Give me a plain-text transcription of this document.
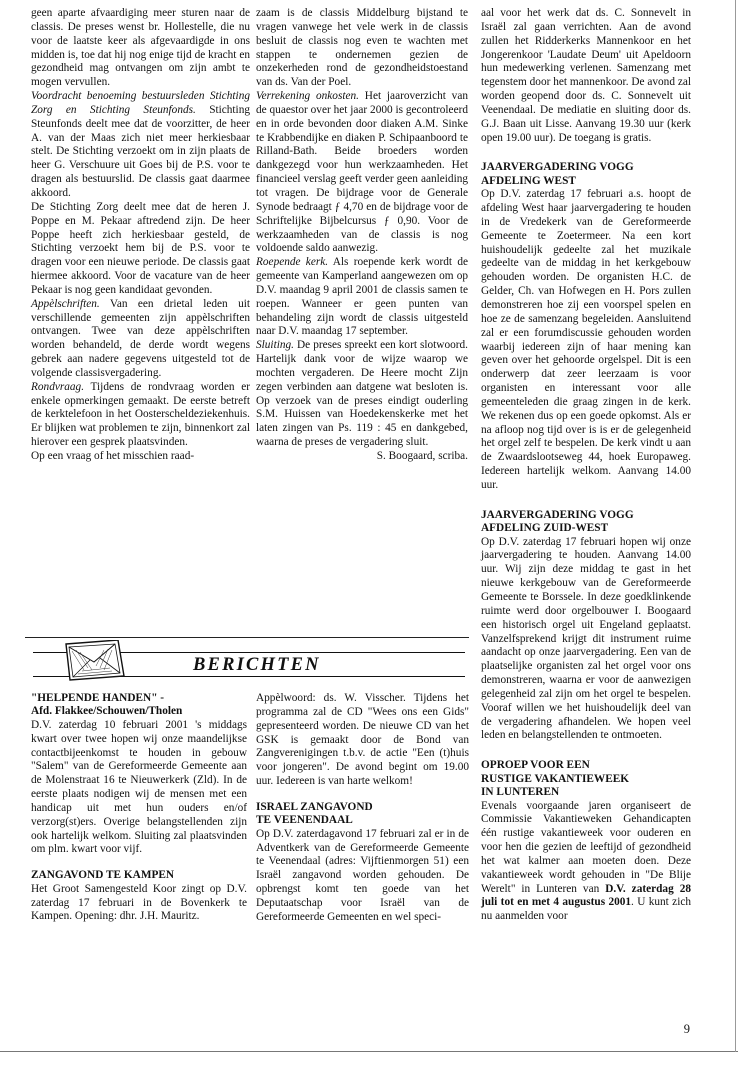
geen aparte afvaardiging meer sturen naar de classis. De preses wenst br. Hollestelle, die nu voor de laatste keer als afgevaardigde in ons midden is, toe dat hij nog enige tijd de kracht en gezondheid mag ontvangen om zijn ambt te mogen vervullen.

Voordracht benoeming bestuursleden Stichting Zorg en Stichting Steunfonds. Stichting Steunfonds deelt mee dat de voorzitter, de heer A. van der Maas zich niet meer herkiesbaar stelt. De Stichting verzoekt om in zijn plaats de heer G. Verschuure uit Goes bij de P.S. voor te dragen als bestuurslid. De classis gaat daarmee akkoord.

De Stichting Zorg deelt mee dat de heren J. Poppe en M. Pekaar aftredend zijn. De heer Poppe heeft zich herkiesbaar gesteld, de Stichting verzoekt hem bij de P.S. voor te dragen voor een nieuwe periode. De classis gaat hiermee akkoord. Voor de vacature van de heer Pekaar is nog geen kandidaat gevonden.

Appèlschriften. Van een drietal leden uit verschillende gemeenten zijn appèlschriften ontvangen. Twee van deze appèlschriften worden behandeld, de derde wordt wegens gebrek aan nadere gegevens uitgesteld tot de volgende classisvergadering.

Rondvraag. Tijdens de rondvraag worden er enkele opmerkingen gemaakt. De eerste betreft de kerktelefoon in het Oosterscheldeziekenhuis. Er blijken wat problemen te zijn, binnenkort zal hierover een gesprek plaatsvinden.

Op een vraag of het misschien raad-

zaam is de classis Middelburg bijstand te vragen vanwege het vele werk in de classis besluit de classis nog even te wachten met stappen te ondernemen gezien de onzekerheden rond de gezondheidstoestand van ds. Van der Poel.

Verrekening onkosten. Het jaaroverzicht van de quaestor over het jaar 2000 is gecontroleerd en in orde bevonden door diaken A.M. Sinke te Krabbendijke en diaken P. Schipaanboord te Rilland-Bath. Beide broeders worden dankgezegd voor hun werkzaamheden. Het financieel verslag geeft verder geen aanleiding tot vragen. De bijdrage voor de Generale Synode bedraagt ƒ 4,70 en de bijdrage voor de Schriftelijke Bijbelcursus ƒ 0,90. Voor de werkzaamheden van de classis is nog voldoende saldo aanwezig.

Roepende kerk. Als roepende kerk wordt de gemeente van Kamperland aangewezen om op D.V. maandag 9 april 2001 de classis samen te roepen. Wanneer er geen punten van behandeling zijn wordt de classis uitgesteld naar D.V. maandag 17 september.

Sluiting. De preses spreekt een kort slotwoord. Hartelijk dank voor de wijze waarop we mochten vergaderen. De Heere mocht Zijn zegen verbinden aan datgene wat besloten is. Op verzoek van de preses eindigt ouderling S.M. Huissen van Hoedekenskerke met het laten zingen van Ps. 119 : 45 en dankgebed, waarna de preses de vergadering sluit.

S. Boogaard, scriba.

aal voor het werk dat ds. C. Sonnevelt in Israël zal gaan verrichten. Aan de avond zullen het Ridderkerks Mannenkoor en het Jongerenkoor 'Laudate Deum' uit Apeldoorn hun medewerking verlenen. Samenzang met tegenstem door het mannenkoor. De avond zal worden geopend door ds. C. Sonnevelt uit Veenendaal. De mediatie en sluiting door ds. G.J. Baan uit Lisse. Aanvang 19.30 uur (kerk open 19.00 uur). De toegang is gratis.

JAARVERGADERING VOGG

AFDELING WEST

Op D.V. zaterdag 17 februari a.s. hoopt de afdeling West haar jaarvergadering te houden in de Vredekerk van de Gereformeerde Gemeente te Zoetermeer. Na een kort huishoudelijk gedeelte zal het muzikale gedeelte van de middag in het kerkgebouw gehouden worden. De organisten H.C. de Gelder, Ch. van Hofwegen en H. Pors zullen demonstreren hoe zij een voorspel spelen en hoe ze de samenzang begeleiden. Aansluitend zal er een forumdiscussie gehouden worden waarbij iedereen zijn of haar mening kan geven over het gehoorde orgelspel. Dit is een onderwerp dat zeer leerzaam is voor organisten en interessant voor alle gemeenteleden die graag zingen in de kerk. We rekenen dus op een goede opkomst. Als er na afloop nog tijd over is is er de gelegenheid het orgel zelf te bespelen. De kerk vindt u aan de Zwaardslootseweg 44, hoek Europaweg. Iedereen hartelijk welkom. Aanvang 14.00 uur.

JAARVERGADERING VOGG

AFDELING ZUID-WEST

Op D.V. zaterdag 17 februari hopen wij onze jaarvergadering te houden. Aanvang 14.00 uur. Wij zijn deze middag te gast in het nieuwe kerkgebouw van de Gereformeerde Gemeente te Borssele. In deze goedklinkende ruimte werd door orgelbouwer I. Boogaard een historisch orgel uit Engeland geplaatst. Vanzelfsprekend krijgt dit instrument ruime aandacht op onze jaarvergadering. Een van de plaatselijke organisten zal het orgel voor ons demonstreren, waarna er voor de aanwezigen gelegenheid zal zijn om het orgel te bespelen. Vooraf willen we het huishoudelijk deel van de vergadering afhandelen. We hopen veel leden en belangstellenden te ontmoeten.

OPROEP VOOR EEN

RUSTIGE VAKANTIEWEEK

IN LUNTEREN

Evenals voorgaande jaren organiseert de Commissie Vakantieweken Gehandicapten één rustige vakantieweek voor ouderen en voor hen die gezien de leeftijd of gezondheid het wat kalmer aan moeten doen. Deze vakantieweek wordt gehouden in "De Blije Werelt" in Lunteren van D.V. zaterdag 28 juli tot en met 4 augustus 2001. U kunt zich nu aanmelden voor

BERICHTEN

"HELPENDE HANDEN" -

Afd. Flakkee/Schouwen/Tholen

D.V. zaterdag 10 februari 2001 's middags kwart over twee hopen wij onze maandelijkse contactbijeenkomst te houden in gebouw "Salem" van de Gereformeerde Gemeente aan de Molenstraat 16 te Nieuwerkerk (Zld). In de eerste plaats nodigen wij de mensen met een handicap uit met hun ouders en/of verzorg(st)ers. Overige belangstellenden zijn ook hartelijk welkom. Sluiting zal plaatsvinden om plm. kwart voor vijf.

ZANGAVOND TE KAMPEN

Het Groot Samengesteld Koor zingt op D.V. zaterdag 17 februari in de Bovenkerk te Kampen. Opening: dhr. J.H. Mauritz.

Appèlwoord: ds. W. Visscher. Tijdens het programma zal de CD "Wees ons een Gids" gepresenteerd worden. De nieuwe CD van het GSK is gemaakt door de Bond van Zangverenigingen t.b.v. de actie "Een (t)huis voor jongeren". De avond begint om 19.00 uur. Iedereen is van harte welkom!

ISRAEL ZANGAVOND

TE VEENENDAAL

Op D.V. zaterdagavond 17 februari zal er in de Adventkerk van de Gereformeerde Gemeente te Veenendaal (adres: Vijftienmorgen 51) een Israël zangavond worden gehouden. De opbrengst komt ten goede van het Deputaatschap voor Israël van de Gereformeerde Gemeenten en wel speci-

9
